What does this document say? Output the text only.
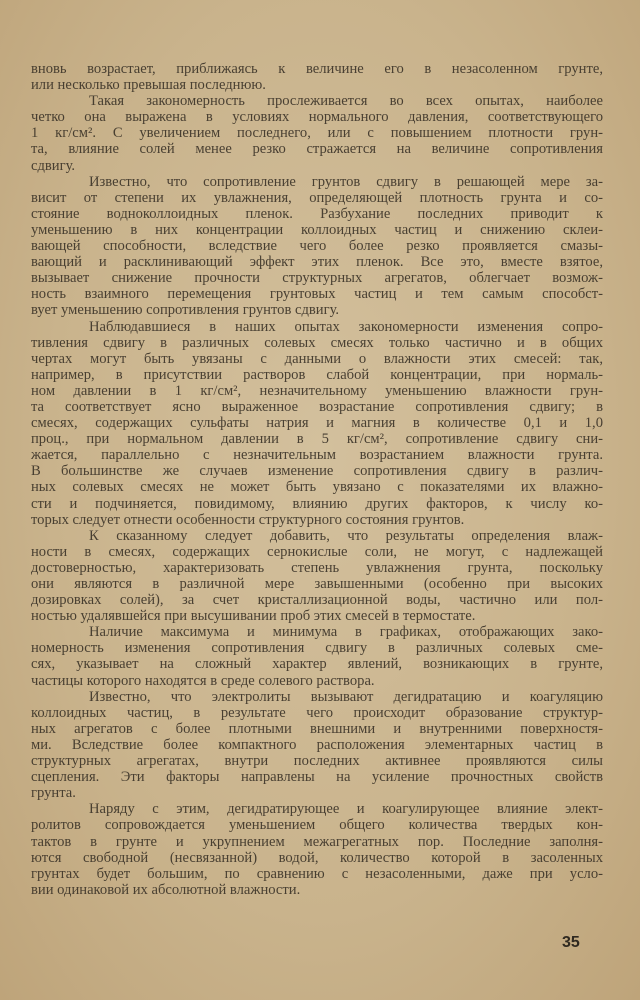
вновь возрастает, приближаясь к величине его в незасоленном грунте,
или несколько превышая последнюю.
Такая закономерность прослеживается во всех опытах, наиболее
четко она выражена в условиях нормального давления, соответствующего
1 кг/см². С увеличением последнего, или с повышением плотности грун-
та, влияние солей менее резко стражается на величине сопротивления
сдвигу.
Известно, что сопротивление грунтов сдвигу в решающей мере за-
висит от степени их увлажнения, определяющей плотность грунта и со-
стояние водноколлоидных пленок. Разбухание последних приводит к
уменьшению в них концентрации коллоидных частиц и снижению склеи-
вающей способности, вследствие чего более резко проявляется смазы-
вающий и расклинивающий эффект этих пленок. Все это, вместе взятое,
вызывает снижение прочности структурных агрегатов, облегчает возмож-
ность взаимного перемещения грунтовых частиц и тем самым способст-
вует уменьшению сопротивления грунтов сдвигу.
Наблюдавшиеся в наших опытах закономерности изменения сопро-
тивления сдвигу в различных солевых смесях только частично и в общих
чертах могут быть увязаны с данными о влажности этих смесей: так,
например, в присутствии растворов слабой концентрации, при нормаль-
ном давлении в 1 кг/см², незначительному уменьшению влажности грун-
та соответствует ясно выраженное возрастание сопротивления сдвигу; в
смесях, содержащих сульфаты натрия и магния в количестве 0,1 и 1,0
проц., при нормальном давлении в 5 кг/см², сопротивление сдвигу сни-
жается, параллельно с незначительным возрастанием влажности грунта.
В большинстве же случаев изменение сопротивления сдвигу в различ-
ных солевых смесях не может быть увязано с показателями их влажно-
сти и подчиняется, повидимому, влиянию других факторов, к числу ко-
торых следует отнести особенности структурного состояния грунтов.
К сказанному следует добавить, что результаты определения влаж-
ности в смесях, содержащих сернокислые соли, не могут, с надлежащей
достоверностью, характеризовать степень увлажнения грунта, поскольку
они являются в различной мере завышенными (особенно при высоких
дозировках солей), за счет кристаллизационной воды, частично или пол-
ностью удалявшейся при высушивании проб этих смесей в термостате.
Наличие максимума и минимума в графиках, отображающих зако-
номерность изменения сопротивления сдвигу в различных солевых сме-
сях, указывает на сложный характер явлений, возникающих в грунте,
частицы которого находятся в среде солевого раствора.
Известно, что электролиты вызывают дегидратацию и коагуляцию
коллоидных частиц, в результате чего происходит образование структур-
ных агрегатов с более плотными внешними и внутренними поверхностя-
ми. Вследствие более компактного расположения элементарных частиц в
структурных агрегатах, внутри последних активнее проявляются силы
сцепления. Эти факторы направлены на усиление прочностных свойств
грунта.
Наряду с этим, дегидратирующее и коагулирующее влияние элект-
ролитов сопровождается уменьшением общего количества твердых кон-
тактов в грунте и укрупнением межагрегатных пор. Последние заполня-
ются свободной (несвязанной) водой, количество которой в засоленных
грунтах будет большим, по сравнению с незасоленными, даже при усло-
вии одинаковой их абсолютной влажности.
35
